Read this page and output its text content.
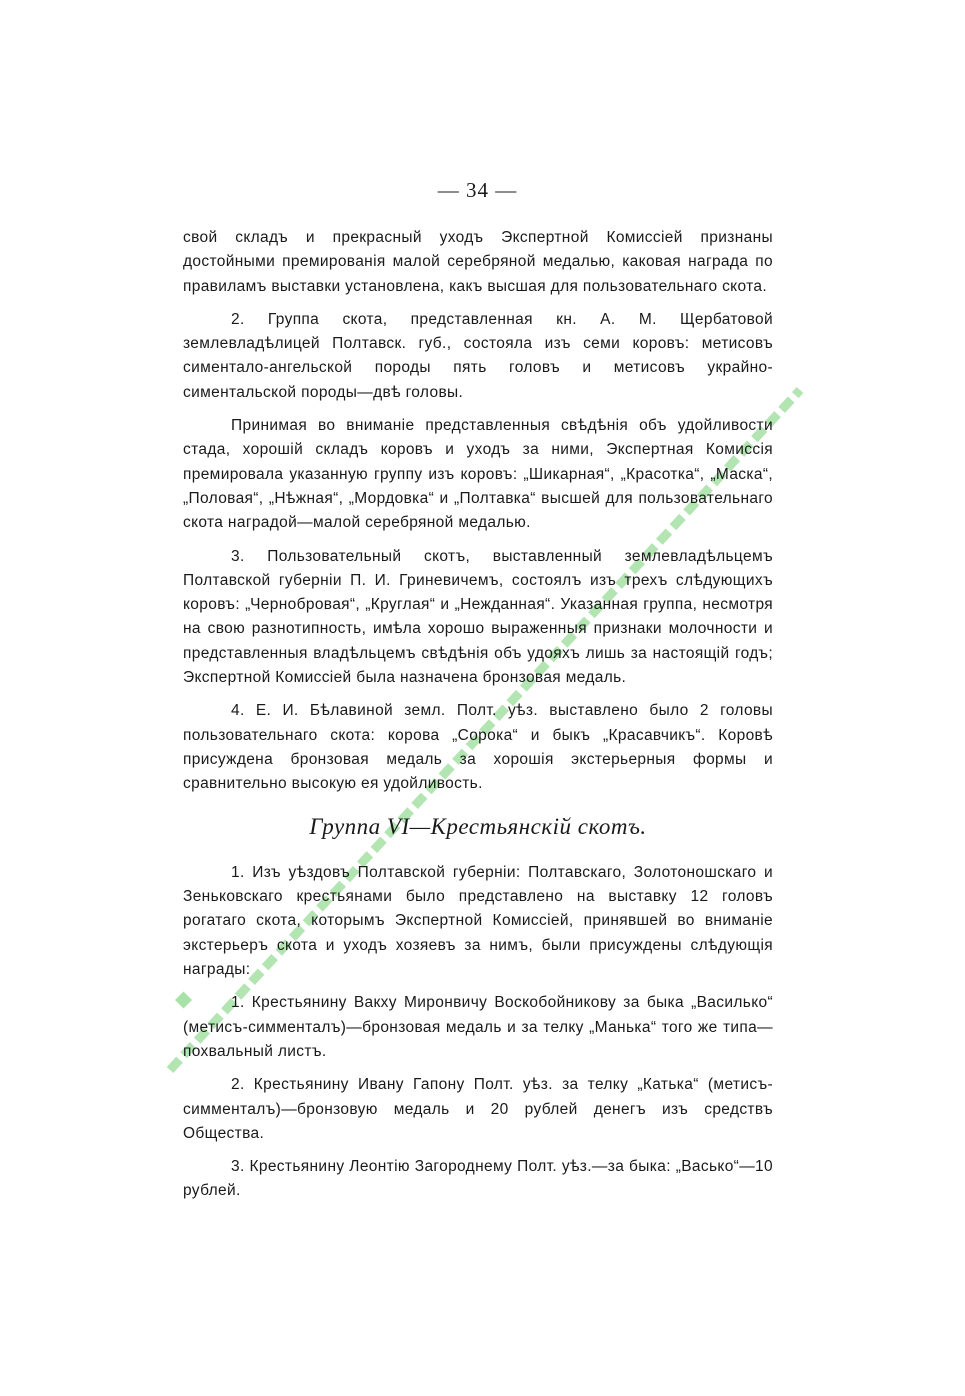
— 34 —

свой складъ и прекрасный уходъ Экспертной Комиссіей признаны достойными премированія малой серебряной медалью, каковая награда по правиламъ выставки установлена, какъ высшая для пользовательнаго скота.

2. Группа скота, представленная кн. А. М. Щербатовой землевладѣлицей Полтавск. губ., состояла изъ семи коровъ: метисовъ сименталo-ангельской породы пять головъ и метисовъ украйно-симентальской породы—двѣ головы.

Принимая во вниманіе представленныя свѣдѣнія объ удойливости стада, хорошій складъ коровъ и уходъ за ними, Экспертная Комиссія премировала указанную группу изъ коровъ: „Шикарная“, „Красотка“, „Маска“, „Половая“, „Нѣжная“, „Мордовка“ и „Полтавка“ высшей для пользовательнаго скота наградой—малой серебряной медалью.

3. Пользовательный скотъ, выставленный землевладѣльцемъ Полтавской губерніи П. И. Гриневичемъ, состоялъ изъ трехъ слѣдующихъ коровъ: „Чернобровая“, „Круглая“ и „Нежданная“. Указанная группа, несмотря на свою разнотипность, имѣла хорошо выраженныя признаки молочности и представленныя владѣльцемъ свѣдѣнія объ удояхъ лишь за настоящій годъ; Экспертной Комиссіей была назначена бронзовая медаль.

4. Е. И. Бѣлавиной земл. Полт. уѣз. выставлено было 2 головы пользовательнаго скота: корова „Сорока“ и быкъ „Красавчикъ“. Коровѣ присуждена бронзовая медаль за хорошія экстерьерныя формы и сравнительно высокую ея удойливость.

Группа VI—Крестьянскій скотъ.

1. Изъ уѣздовъ Полтавской губерніи: Полтавскаго, Золотоношскаго и Зеньковскаго крестьянами было представлено на выставку 12 головъ рогатаго скота, которымъ Экспертной Комиссіей, принявшей во вниманіе экстерьеръ скота и уходъ хозяевъ за нимъ, были присуждены слѣдующія награды:

1. Крестьянину Вакху Миронвичу Воскобойникову за быка „Василько“ (метисъ-симменталъ)—бронзовая медаль и за телку „Манька“ того же типа—похвальный листъ.

2. Крестьянину Ивану Гапону Полт. уѣз. за телку „Катька“ (метисъ-симменталъ)—бронзовую медаль и 20 рублей денегъ изъ средствъ Общества.

3. Крестьянину Леонтію Загороднему Полт. уѣз.—за быка: „Васько“—10 рублей.
